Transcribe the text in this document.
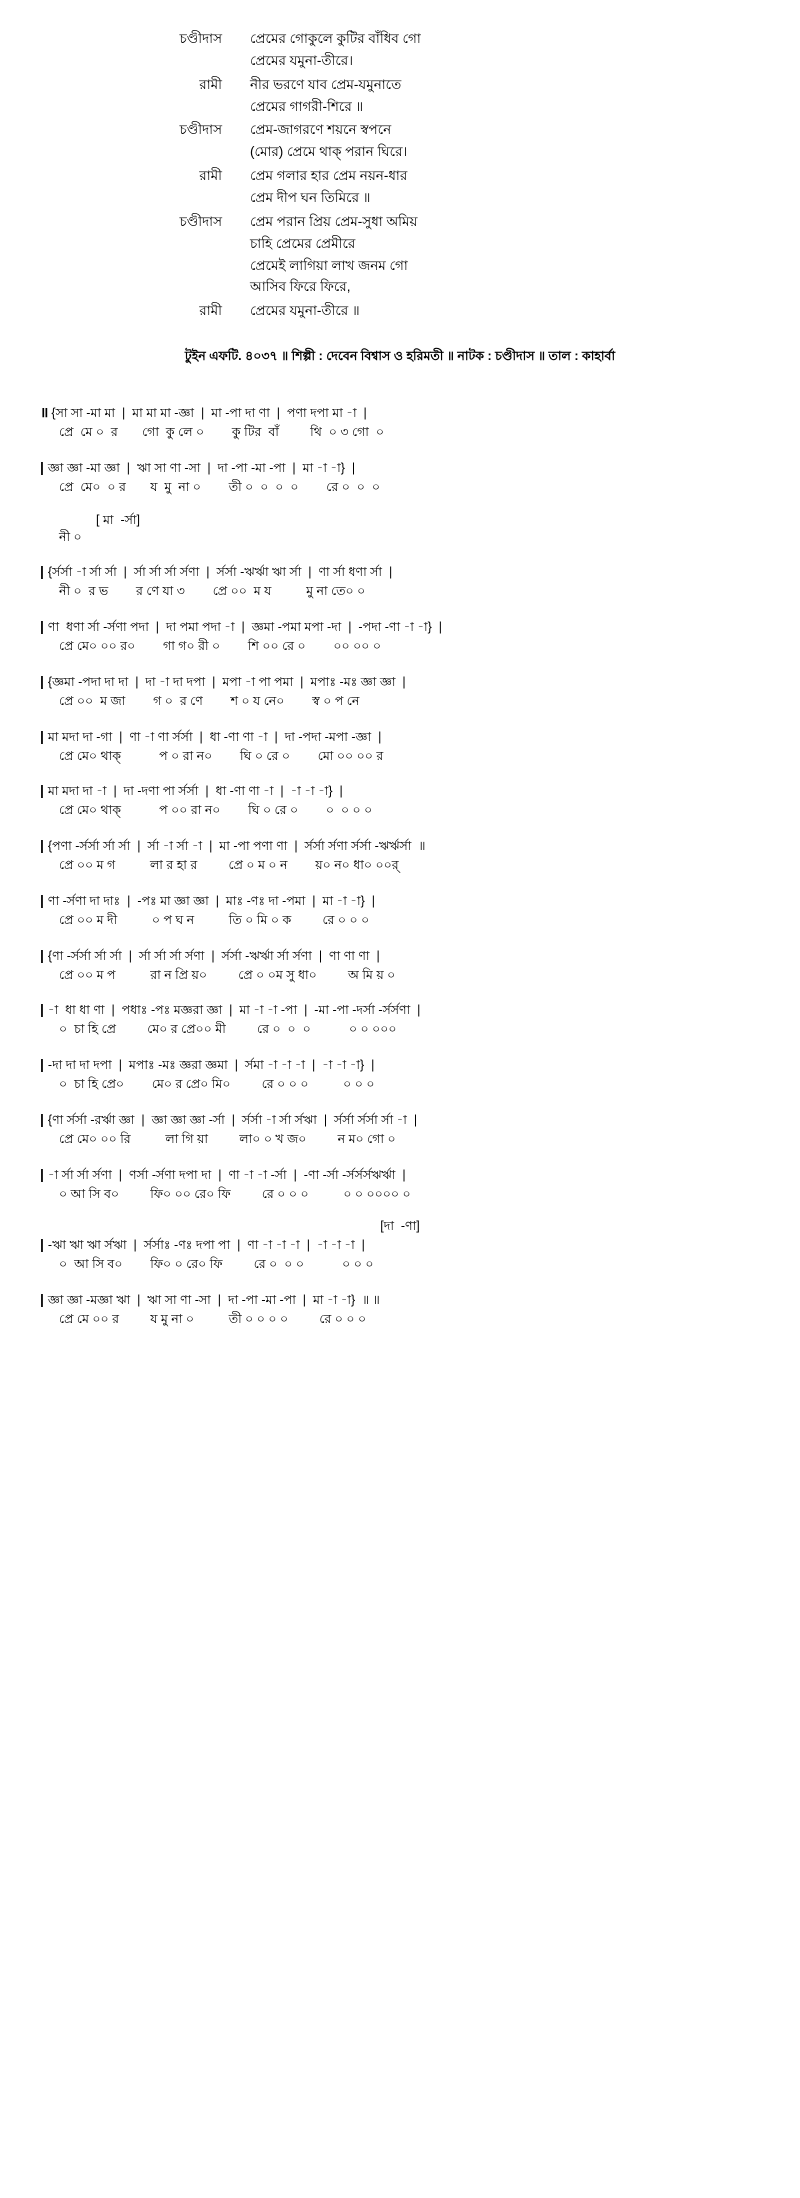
চণ্ডীদাস	প্রেমের গোকুলে কুটির বাঁধিব গো
প্রেমের যমুনা-তীরে।
রামী	নীর ভরণে যাব প্রেম-যমুনাতে
প্রেমের গাগরী-শিরে ॥
চণ্ডীদাস	প্রেম-জাগরণে শয়নে স্বপনে
(মোর) প্রেমে থাক্ পরান ঘিরে।
রামী	প্রেম গলার হার প্রেম নয়ন-ধার
প্রেম দীপ ঘন তিমিরে ॥
চণ্ডীদাস	প্রেম পরান প্রিয় প্রেম-সুধা অমিয়
চাহি প্রেমের প্রেমীরে
প্রেমেই লাগিয়া লাখ জনম গো
আসিব ফিরে ফিরে,
রামী	প্রেমের যমুনা-তীরে ॥
টুইন এফটি. ৪০৩৭ ॥ শিল্পী : দেবেন বিশ্বাস ও হরিমতী ॥ নাটক : চণ্ডীদাস ॥ তাল : কাহার্বা
॥ {সা সা -মা মা  |  মা মা মা -জ্ঞা  |  মা -পা দা ণা  |  পণা দপা মা -া  |
প্রে  মে ০  র       গো  কু লে ০        কু টির  বাঁ         থি  ০ ৩ গো  ০
| জ্ঞা জ্ঞা -মা জ্ঞা  |  ঋা সা ণা -সা  |  দা -পা -মা -পা  |  মা -া -া}  |
প্রে  মে০  ০ র       য  মু  না ০        তী ০  ০  ০  ০        রে ০  ০  ০
[ মা  -র্সা]
নী ০
| {র্সর্সা -া র্সা র্সা  |  র্সা র্সা র্সা র্সণা  |  র্সর্সা -ঋর্ঋা ঋা র্সা  |  ণা র্সা ধণা র্সা  |
নী ০  র ভ        র ণে যা ৩        প্রে ০০  ম য          মু না তে০ ০
| ণা  ধণা র্সা -র্সণা পদা  |  দা পমা পদা -া  |  জ্ঞমা -পমা মপা -দা  |  -পদা -ণা -া -া}  |
প্রে মে০ ০০ র০        গা গ০ রী ০        শি ০০ রে ০        ০০ ০০ ০
| {জ্ঞমা -পদা দা দা  |  দা -া দা দপা  |  মপা -া পা পমা  |  মপাঃ -মঃ জ্ঞা জ্ঞা  |
প্রে ০০  ম জা        গ ০  র ণে        শ ০ য নে০        স্ব ০ প নে
| মা মদা দা -গা  |  ণা -া ণা র্সর্সা  |  ধা -ণা ণা -া  |  দা -পদা -মপা -জ্ঞা  |
প্রে মে০ থাক্           প ০ রা ন০        ঘি ০ রে ০        মো ০০ ০০ র
| মা মদা দা -া  |  দা -দণা পা র্সর্সা  |  ধা -ণা ণা -া  |  -া -া -া}  |
প্রে মে০ থাক্           প ০০ রা ন০        ঘি ০ রে ০        ০  ০ ০ ০
| {পণা -র্সর্সা র্সা র্সা  |  র্সা -া র্সা -া  |  মা -পা পণা ণা  |  র্সর্সা র্সণা র্সর্সা -ঋর্ঋর্সা  ॥
প্রে ০০ ম গ          লা র হা র         প্রে ০ ম ০ ন        য়০ ন০ ধা০ ০০র্
| ণা -র্সণা দা দাঃ  |  -পঃ মা জ্ঞা জ্ঞা  |  মাঃ -ণঃ দা -পমা  |  মা -া -া}  |
প্রে ০০ ম দী          ০ প ঘ ন          তি ০ মি ০ ক         রে ০ ০ ০
| {ণা -র্সর্সা র্সা র্সা  |  র্সা র্সা র্সা র্সণা  |  র্সর্সা -ঋর্ঋা র্সা র্সণা  |  ণা ণা ণা  |
প্রে ০০ ম প          রা ন প্রি য়০         প্রে ০ ০ম সু ধা০         অ মি য় ০
| -া  ধা ধা ণা  |  পধাঃ -পঃ মজ্ঞরা জ্ঞা  |  মা -া -া -পা  |  -মা -পা -দর্সা -র্সর্সণা  |
০  চা হি প্রে         মে০ র প্রে০০ মী         রে ০  ০  ০           ০ ০ ০০০
| -দা দা দা দপা  |  মপাঃ -মঃ জ্ঞরা জ্ঞমা  |  র্সমা -া -া -া  |  -া -া -া}  |
০  চা হি প্রে০        মে০ র প্রে০ মি০         রে ০ ০ ০          ০ ০ ০
| {ণা র্সর্সা -রর্ঋা জ্ঞা  |  জ্ঞা জ্ঞা জ্ঞা -র্সা  |  র্সর্সা -া র্সা র্সঋা  |  র্সর্সা র্সর্সা র্সা -া  |
প্রে মে০ ০০ রি          লা গি য়া         লা০ ০ খ জ০         ন ম০ গো ০
| -া র্সা র্সা র্সণা  |  ণর্সা -র্সণা দপা দা  |  ণা -া -া -র্সা  |  -ণা -র্সা -র্সর্সর্সঋর্ঋা  |
০ আ সি ব০         ফি০ ০০ রে০ ফি         রে ০ ০ ০          ০ ০ ০০০০ ০
[দা  -ণা]
| -ঋা ঋা ঋা র্সঋা  |  র্সর্সাঃ -ণঃ দপা পা  |  ণা -া -া -া  |  -া -া -া  |
০  আ সি ব০        ফি০ ০ রে০ ফি         রে ০  ০ ০           ০ ০ ০
| জ্ঞা জ্ঞা -মজ্ঞা ঋা  |  ঋা সা ণা -সা  |  দা -পা -মা -পা  |  মা -া -া}  ॥ ॥
প্রে মে ০০ র         য মু না ০          তী ০ ০ ০ ০         রে ০ ০ ০
